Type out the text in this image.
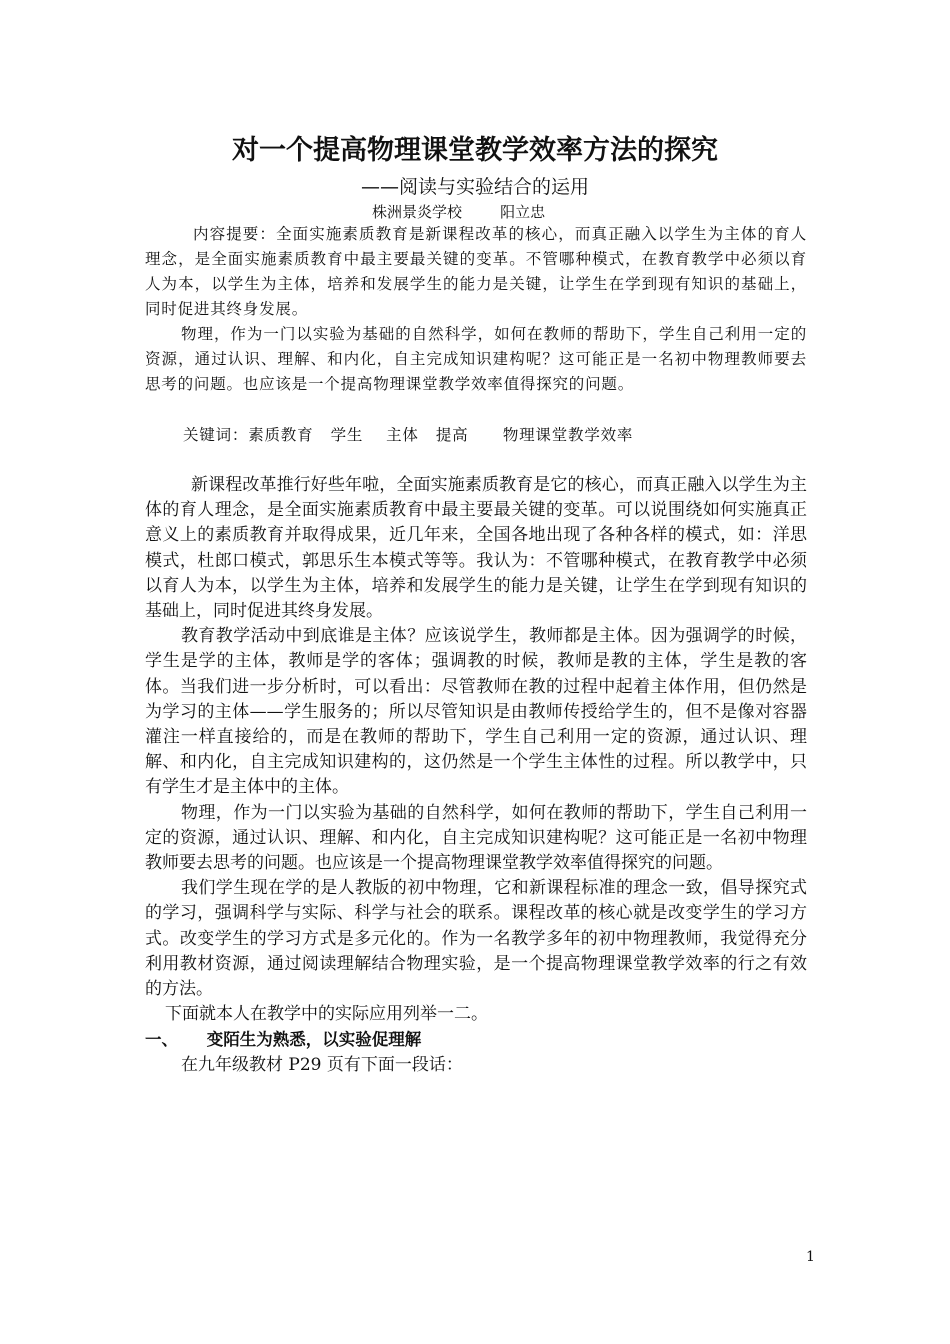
对一个提高物理课堂教学效率方法的探究
——阅读与实验结合的运用
株洲景炎学校        阳立忠

内容提要：全面实施素质教育是新课程改革的核心，而真正融入以学生为主体的育人理念，是全面实施素质教育中最主要最关键的变革。不管哪种模式，在教育教学中必须以育人为本，以学生为主体，培养和发展学生的能力是关键，让学生在学到现有知识的基础上，同时促进其终身发展。

物理，作为一门以实验为基础的自然科学，如何在教师的帮助下，学生自己利用一定的资源，通过认识、理解、和内化，自主完成知识建构呢？这可能正是一名初中物理教师要去思考的问题。也应该是一个提高物理课堂教学效率值得探究的问题。

关键词：素质教育   学生    主体   提高      物理课堂教学效率

新课程改革推行好些年啦，全面实施素质教育是它的核心，而真正融入以学生为主体的育人理念，是全面实施素质教育中最主要最关键的变革。可以说围绕如何实施真正意义上的素质教育并取得成果，近几年来，全国各地出现了各种各样的模式，如：洋思模式，杜郎口模式，郭思乐生本模式等等。我认为：不管哪种模式，在教育教学中必须以育人为本，以学生为主体，培养和发展学生的能力是关键，让学生在学到现有知识的基础上，同时促进其终身发展。

教育教学活动中到底谁是主体？应该说学生，教师都是主体。因为强调学的时候，学生是学的主体，教师是学的客体；强调教的时候，教师是教的主体，学生是教的客体。当我们进一步分析时，可以看出：尽管教师在教的过程中起着主体作用，但仍然是为学习的主体——学生服务的；所以尽管知识是由教师传授给学生的，但不是像对容器灌注一样直接给的，而是在教师的帮助下，学生自己利用一定的资源，通过认识、理解、和内化，自主完成知识建构的，这仍然是一个学生主体性的过程。所以教学中，只有学生才是主体中的主体。

物理，作为一门以实验为基础的自然科学，如何在教师的帮助下，学生自己利用一定的资源，通过认识、理解、和内化，自主完成知识建构呢？这可能正是一名初中物理教师要去思考的问题。也应该是一个提高物理课堂教学效率值得探究的问题。

我们学生现在学的是人教版的初中物理，它和新课程标准的理念一致，倡导探究式的学习，强调科学与实际、科学与社会的联系。课程改革的核心就是改变学生的学习方式。改变学生的学习方式是多元化的。作为一名教学多年的初中物理教师，我觉得充分利用教材资源，通过阅读理解结合物理实验，是一个提高物理课堂教学效率的行之有效的方法。

下面就本人在教学中的实际应用列举一二。

一、     变陌生为熟悉，以实验促理解

在九年级教材 P29 页有下面一段话：

1
